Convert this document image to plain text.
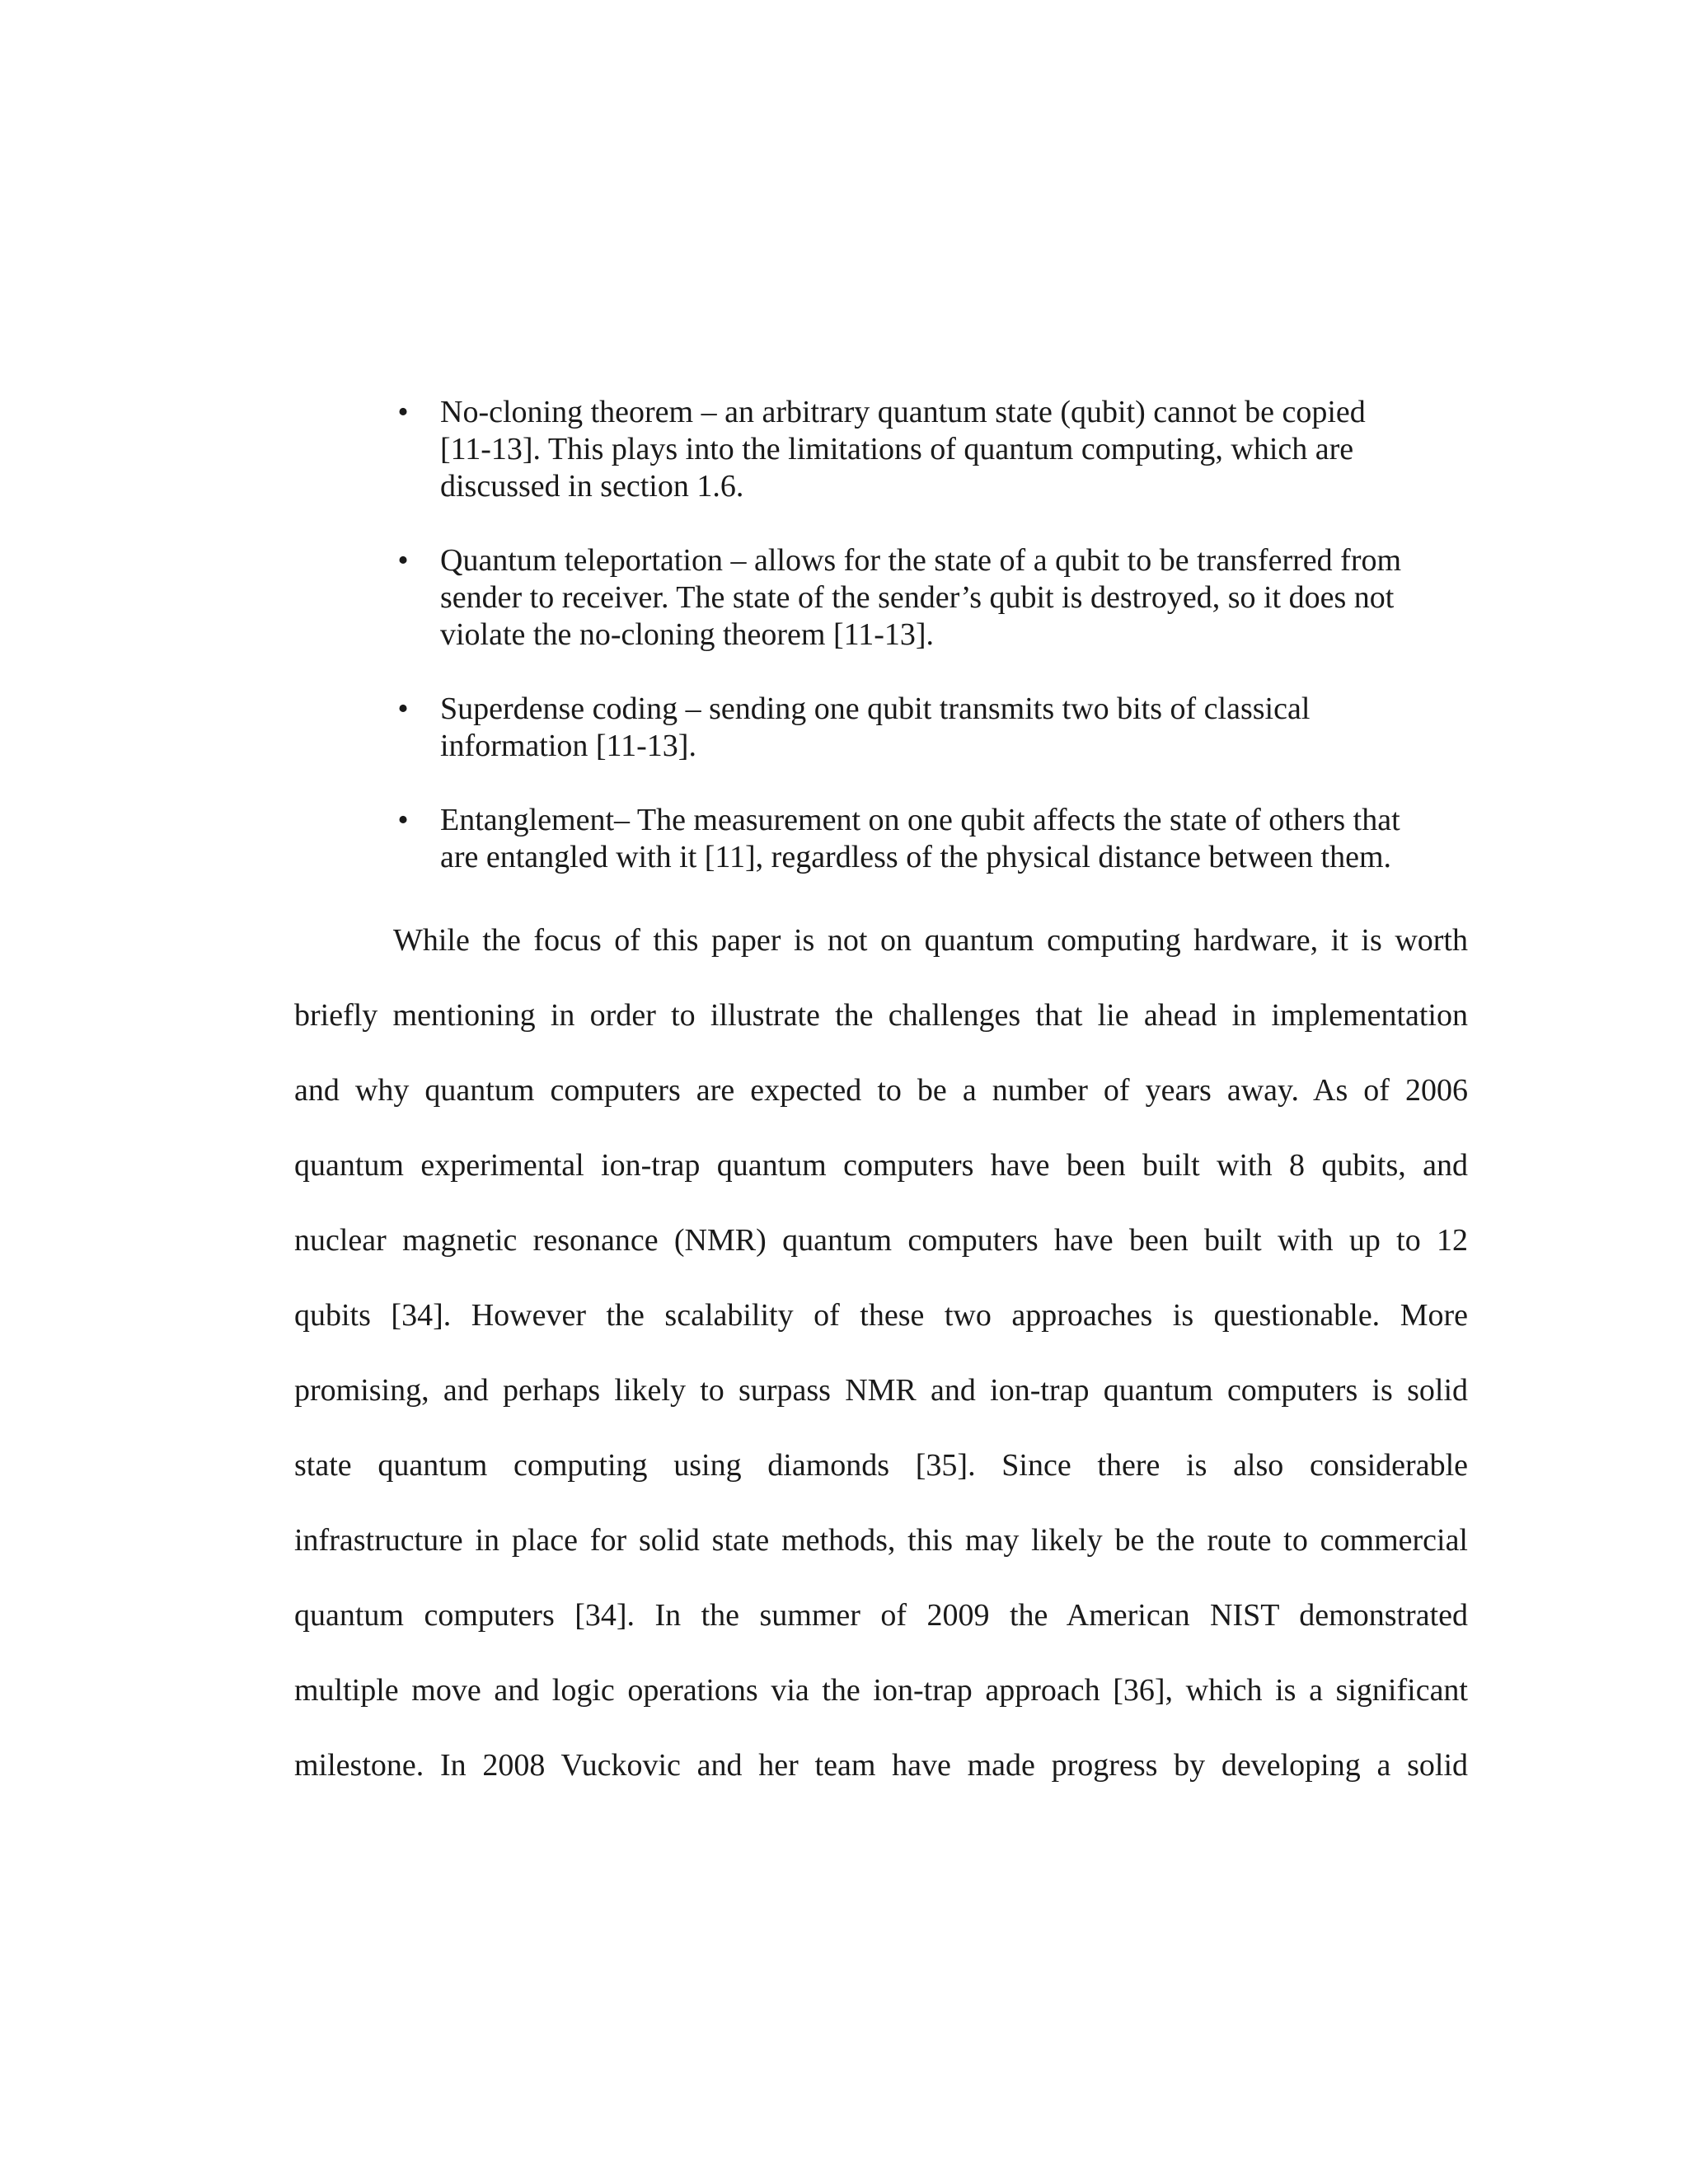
• No-cloning theorem – an arbitrary quantum state (qubit) cannot be copied
[11-13]. This plays into the limitations of quantum computing, which are
discussed in section 1.6.
• Quantum teleportation – allows for the state of a qubit to be transferred from
sender to receiver. The state of the sender’s qubit is destroyed, so it does not
violate the no-cloning theorem [11-13].
• Superdense coding – sending one qubit transmits two bits of classical
information [11-13].
• Entanglement– The measurement on one qubit affects the state of others that
are entangled with it [11], regardless of the physical distance between them.
While the focus of this paper is not on quantum computing hardware, it is worth
briefly mentioning in order to illustrate the challenges that lie ahead in implementation
and why quantum computers are expected to be a number of years away. As of 2006
quantum experimental ion-trap quantum computers have been built with 8 qubits, and
nuclear magnetic resonance (NMR) quantum computers have been built with up to 12
qubits [34]. However the scalability of these two approaches is questionable. More
promising, and perhaps likely to surpass NMR and ion-trap quantum computers is solid
state quantum computing using diamonds [35]. Since there is also considerable
infrastructure in place for solid state methods, this may likely be the route to commercial
quantum computers [34]. In the summer of 2009 the American NIST demonstrated
multiple move and logic operations via the ion-trap approach [36], which is a significant
milestone. In 2008 Vuckovic and her team have made progress by developing a solid
